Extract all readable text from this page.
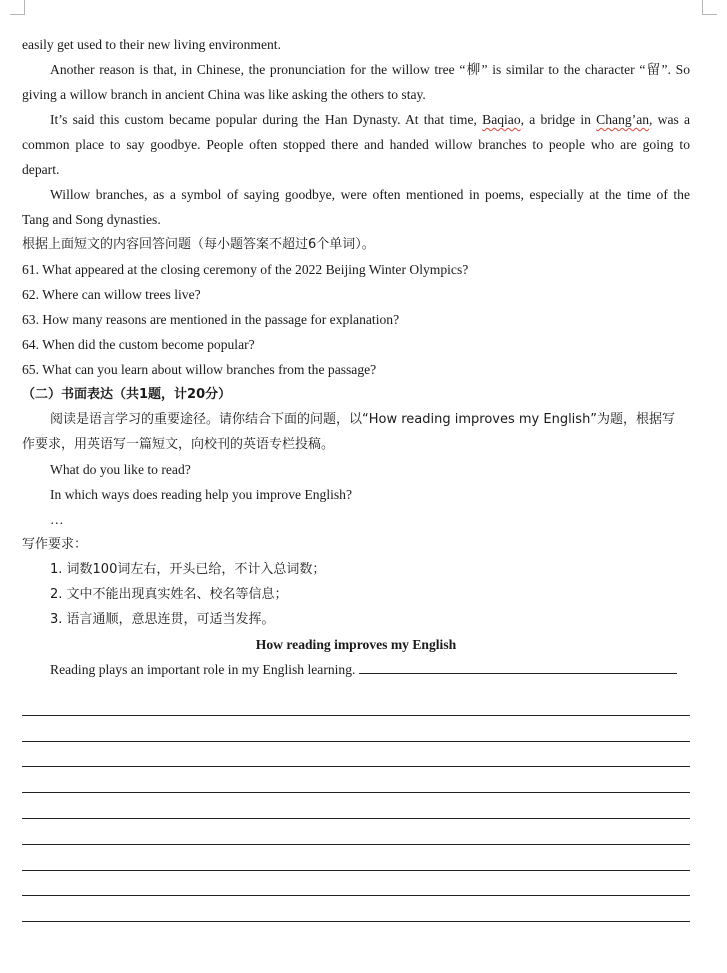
easily get used to their new living environment.
Another reason is that, in Chinese, the pronunciation for the willow tree “柳” is similar to the character “留”. So
giving a willow branch in ancient China was like asking the others to stay.
It’s said this custom became popular during the Han Dynasty. At that time, Baqiao, a bridge in Chang’an, was a
common place to say goodbye. People often stopped there and handed willow branches to people who are going to
depart.
Willow branches, as a symbol of saying goodbye, were often mentioned in poems, especially at the time of the
Tang and Song dynasties.
根据上面短文的内容回答问题（每小题答案不超过6个单词）。
61. What appeared at the closing ceremony of the 2022 Beijing Winter Olympics?
62. Where can willow trees live?
63. How many reasons are mentioned in the passage for explanation?
64. When did the custom become popular?
65. What can you learn about willow branches from the passage?
（二）书面表达（共1题，计20分）
阅读是语言学习的重要途径。请你结合下面的问题，以“How reading improves my English”为题，根据写
作要求，用英语写一篇短文，向校刊的英语专栏投稿。
What do you like to read?
In which ways does reading help you improve English?
…
写作要求：
1. 词数100词左右，开头已给，不计入总词数；
2. 文中不能出现真实姓名、校名等信息；
3. 语言通顺，意思连贯，可适当发挥。
How reading improves my English
Reading plays an important role in my English learning.
